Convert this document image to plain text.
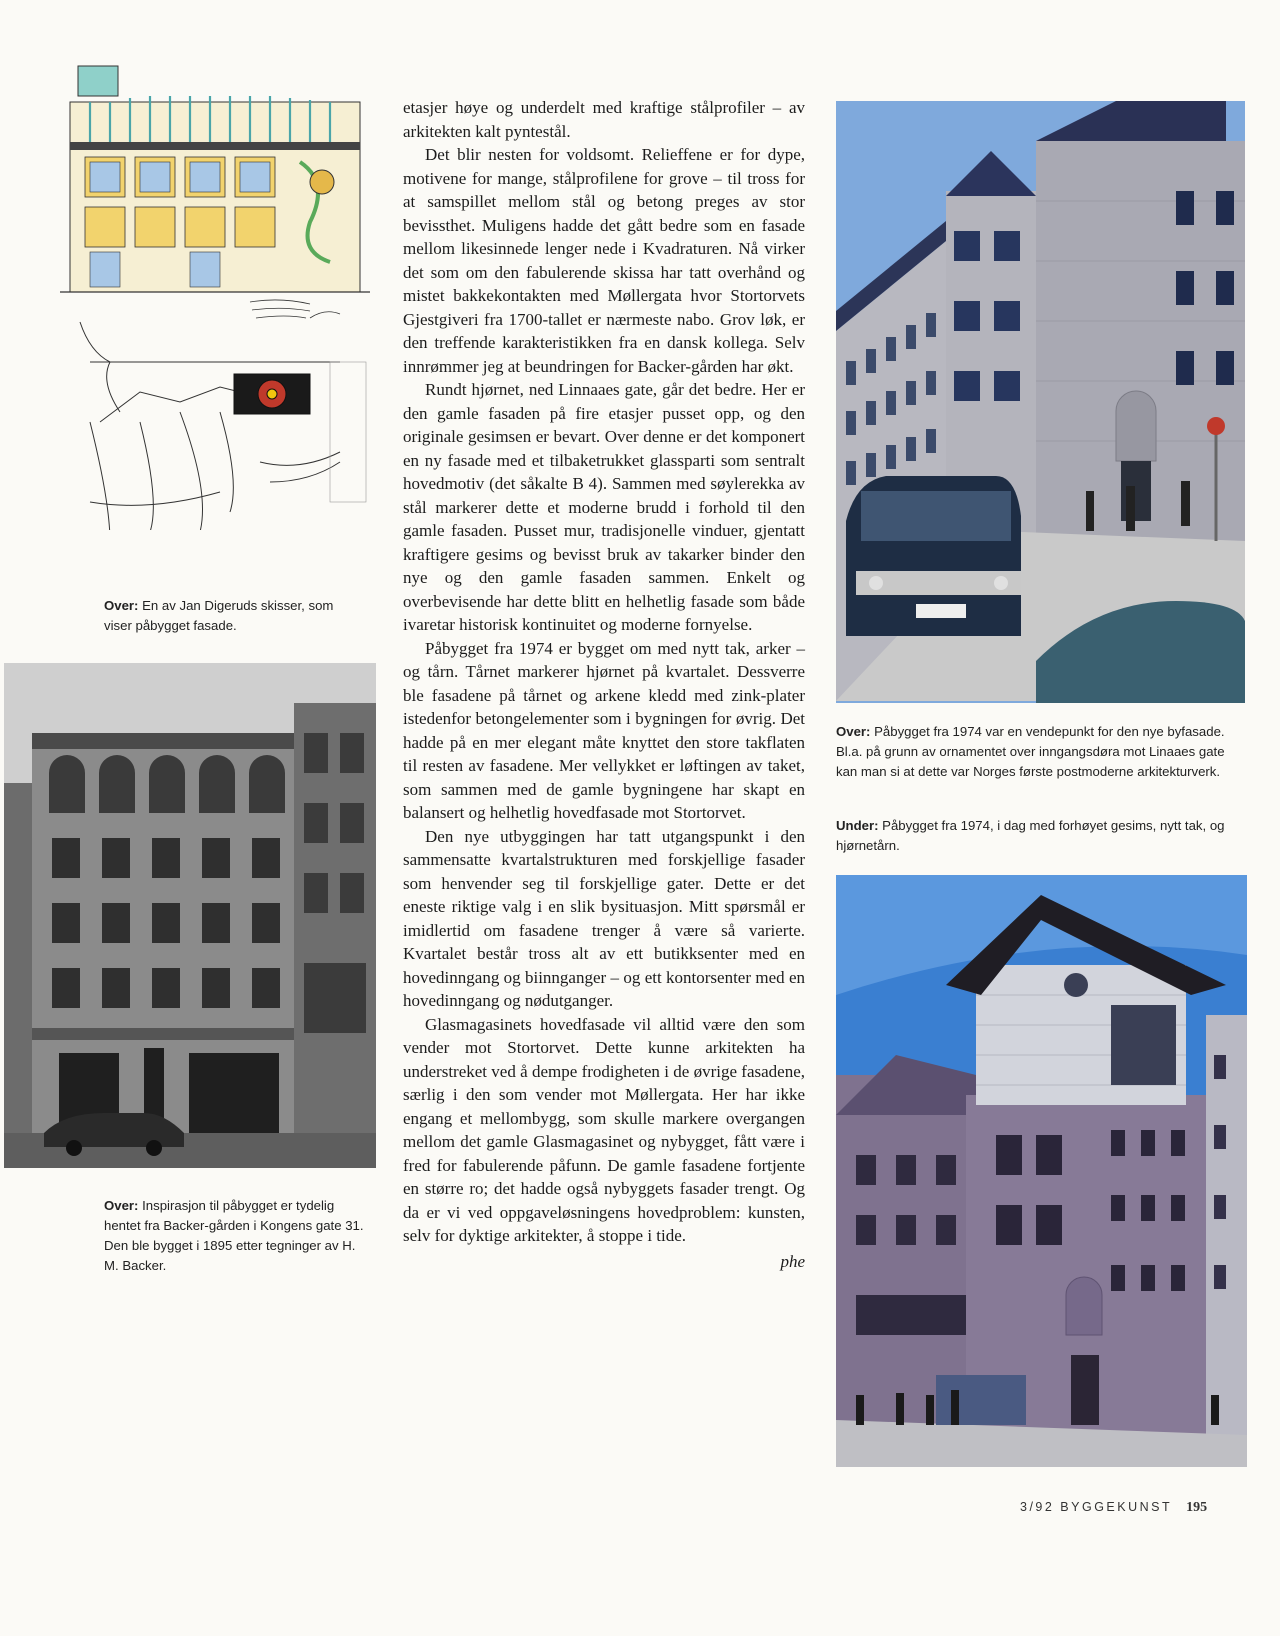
Over: En av Jan Digeruds skisser, som viser påbygget fasade.
Over: Inspirasjon til påbygget er tydelig hentet fra Backer-gården i Kongens gate 31. Den ble bygget i 1895 etter tegninger av H. M. Backer.

etasjer høye og underdelt med kraftige stålprofiler – av arkitekten kalt pyntestål.

Det blir nesten for voldsomt. Relieffene er for dype, motivene for mange, stålprofilene for grove – til tross for at samspillet mellom stål og betong preges av stor bevissthet. Muligens hadde det gått bedre som en fasade mellom likesinnede lenger nede i Kvadraturen. Nå virker det som om den fabulerende skissa har tatt overhånd og mistet bakkekontakten med Møllergata hvor Stortorvets Gjestgiveri fra 1700-tallet er nærmeste nabo. Grov løk, er den treffende karakteristikken fra en dansk kollega. Selv innrømmer jeg at beundringen for Backer-gården har økt.

Rundt hjørnet, ned Linnaaes gate, går det bedre. Her er den gamle fasaden på fire etasjer pusset opp, og den originale gesimsen er bevart. Over denne er det komponert en ny fasade med et tilbaketrukket glassparti som sentralt hovedmotiv (det såkalte B 4). Sammen med søylerekka av stål markerer dette et moderne brudd i forhold til den gamle fasaden. Pusset mur, tradisjonelle vinduer, gjentatt kraftigere gesims og bevisst bruk av takarker binder den nye og den gamle fasaden sammen. Enkelt og overbevisende har dette blitt en helhetlig fasade som både ivaretar historisk kontinuitet og moderne fornyelse.

Påbygget fra 1974 er bygget om med nytt tak, arker – og tårn. Tårnet markerer hjørnet på kvartalet. Dessverre ble fasadene på tårnet og arkene kledd med zink-plater istedenfor betongelementer som i bygningen for øvrig. Det hadde på en mer elegant måte knyttet den store takflaten til resten av fasadene. Mer vellykket er løftingen av taket, som sammen med de gamle bygningene har skapt en balansert og helhetlig hovedfasade mot Stortorvet.

Den nye utbyggingen har tatt utgangspunkt i den sammensatte kvartalstrukturen med forskjellige fasader som henvender seg til forskjellige gater. Dette er det eneste riktige valg i en slik bysituasjon. Mitt spørsmål er imidlertid om fasadene trenger å være så varierte. Kvartalet består tross alt av ett butikksenter med en hovedinngang og biinnganger – og ett kontorsenter med en hovedinngang og nødutganger.

Glasmagasinets hovedfasade vil alltid være den som vender mot Stortorvet. Dette kunne arkitekten ha understreket ved å dempe frodigheten i de øvrige fasadene, særlig i den som vender mot Møllergata. Her har ikke engang et mellombygg, som skulle markere overgangen mellom det gamle Glasmagasinet og nybygget, fått være i fred for fabulerende påfunn. De gamle fasadene fortjente en større ro; det hadde også nybyggets fasader trengt. Og da er vi ved oppgaveløsningens hovedproblem: kunsten, selv for dyktige arkitekter, å stoppe i tide.

phe
Over: Påbygget fra 1974 var en vendepunkt for den nye byfasade. Bl.a. på grunn av ornamentet over inngangsdøra mot Linaaes gate kan man si at dette var Norges første postmoderne arkitekturverk.
Under: Påbygget fra 1974, i dag med forhøyet gesims, nytt tak, og hjørnetårn.
3/92 BYGGEKUNST 195
